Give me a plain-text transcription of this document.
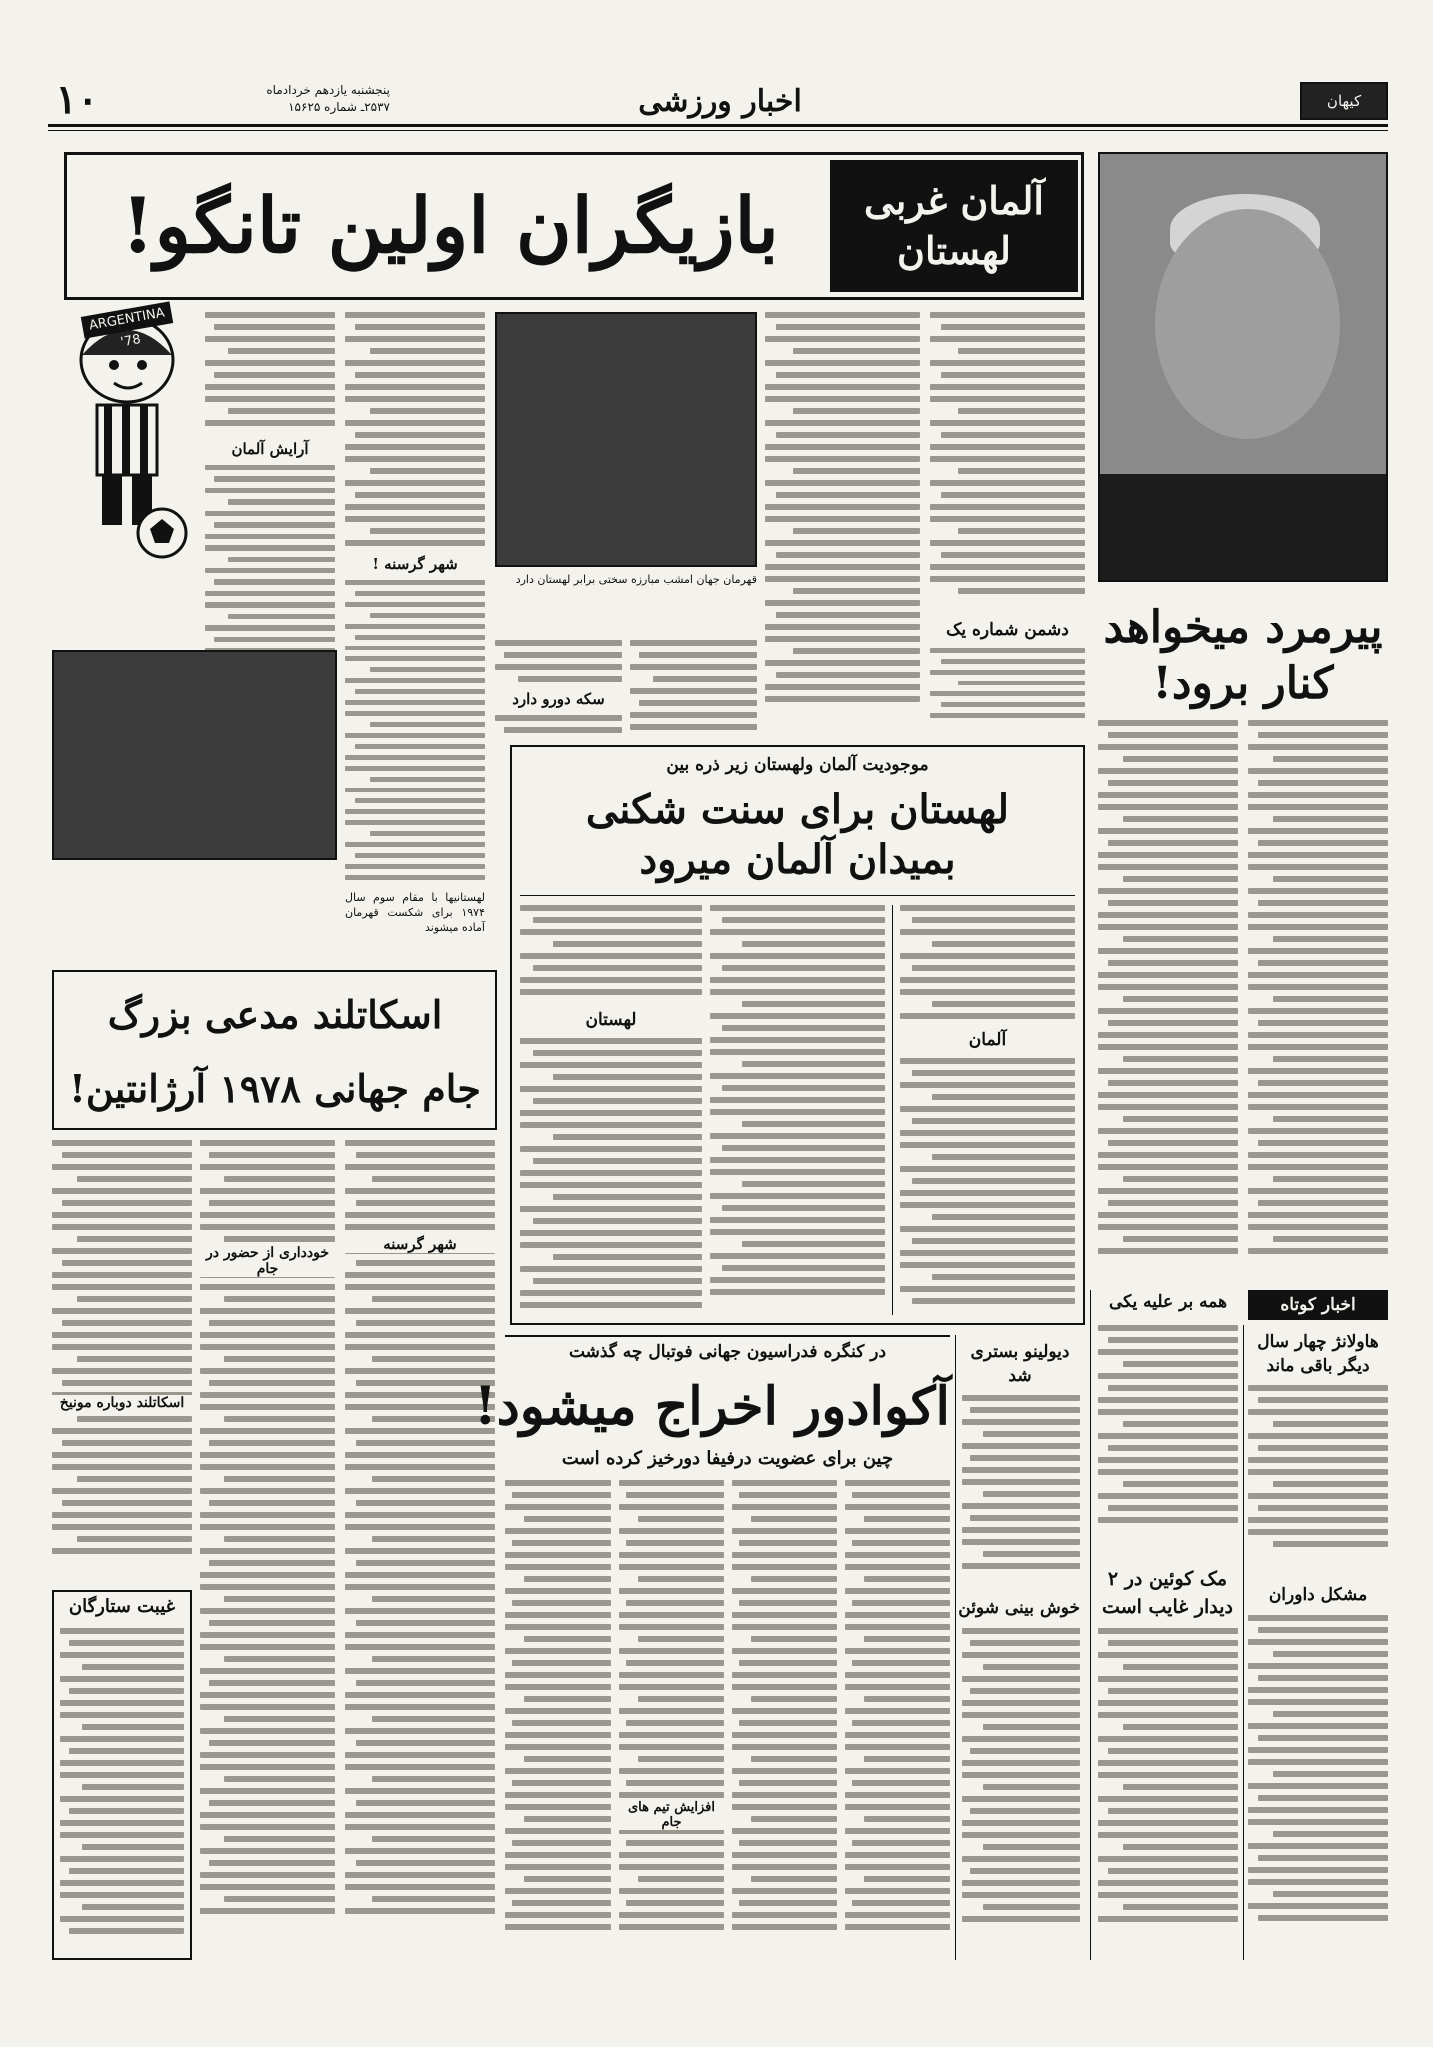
کیهان
اخبار ورزشی
پنجشنبه یازدهم خردادماه
۲۵۳۷ـ شماره ۱۵۶۲۵
۱۰
آلمان غربی
لهستان
بازیگران اولین تانگو!
پیرمرد میخواهد
کنار برود!
دشمن شماره یک
قهرمان جهان امشب مبارزه سختی برابر لهستان دارد
سکه دورو دارد
شهر گرسنه !
آرایش آلمان
ARGENTINA '78
لهستانیها با مقام سوم سال ۱۹۷۴ برای شکست قهرمان آماده میشوند
موجودیت آلمان ولهستان زیر ذره بین
لهستان برای سنت شکنی
بمیدان آلمان میرود
آلمان
لهستان
اسکاتلند مدعی بزرگ
جام جهانی ۱۹۷۸ آرژانتین!
شهر گرسنه
خودداری از حضور در جام
اسکاتلند دوباره مونیخ
غیبت ستارگان
در کنگره فدراسیون جهانی فوتبال چه گذشت
آکوادور اخراج میشود!
چین برای عضویت درفیفا دورخیز کرده است
افزایش تیم های جام
دیولینو بستری
شد
خوش بینی شوئن
اخبار کوتاه
همه بر علیه یکی
هاولانژ چهار سال
دیگر باقی ماند
مشکل داوران
مک کوئین در ۲
دیدار غایب است
